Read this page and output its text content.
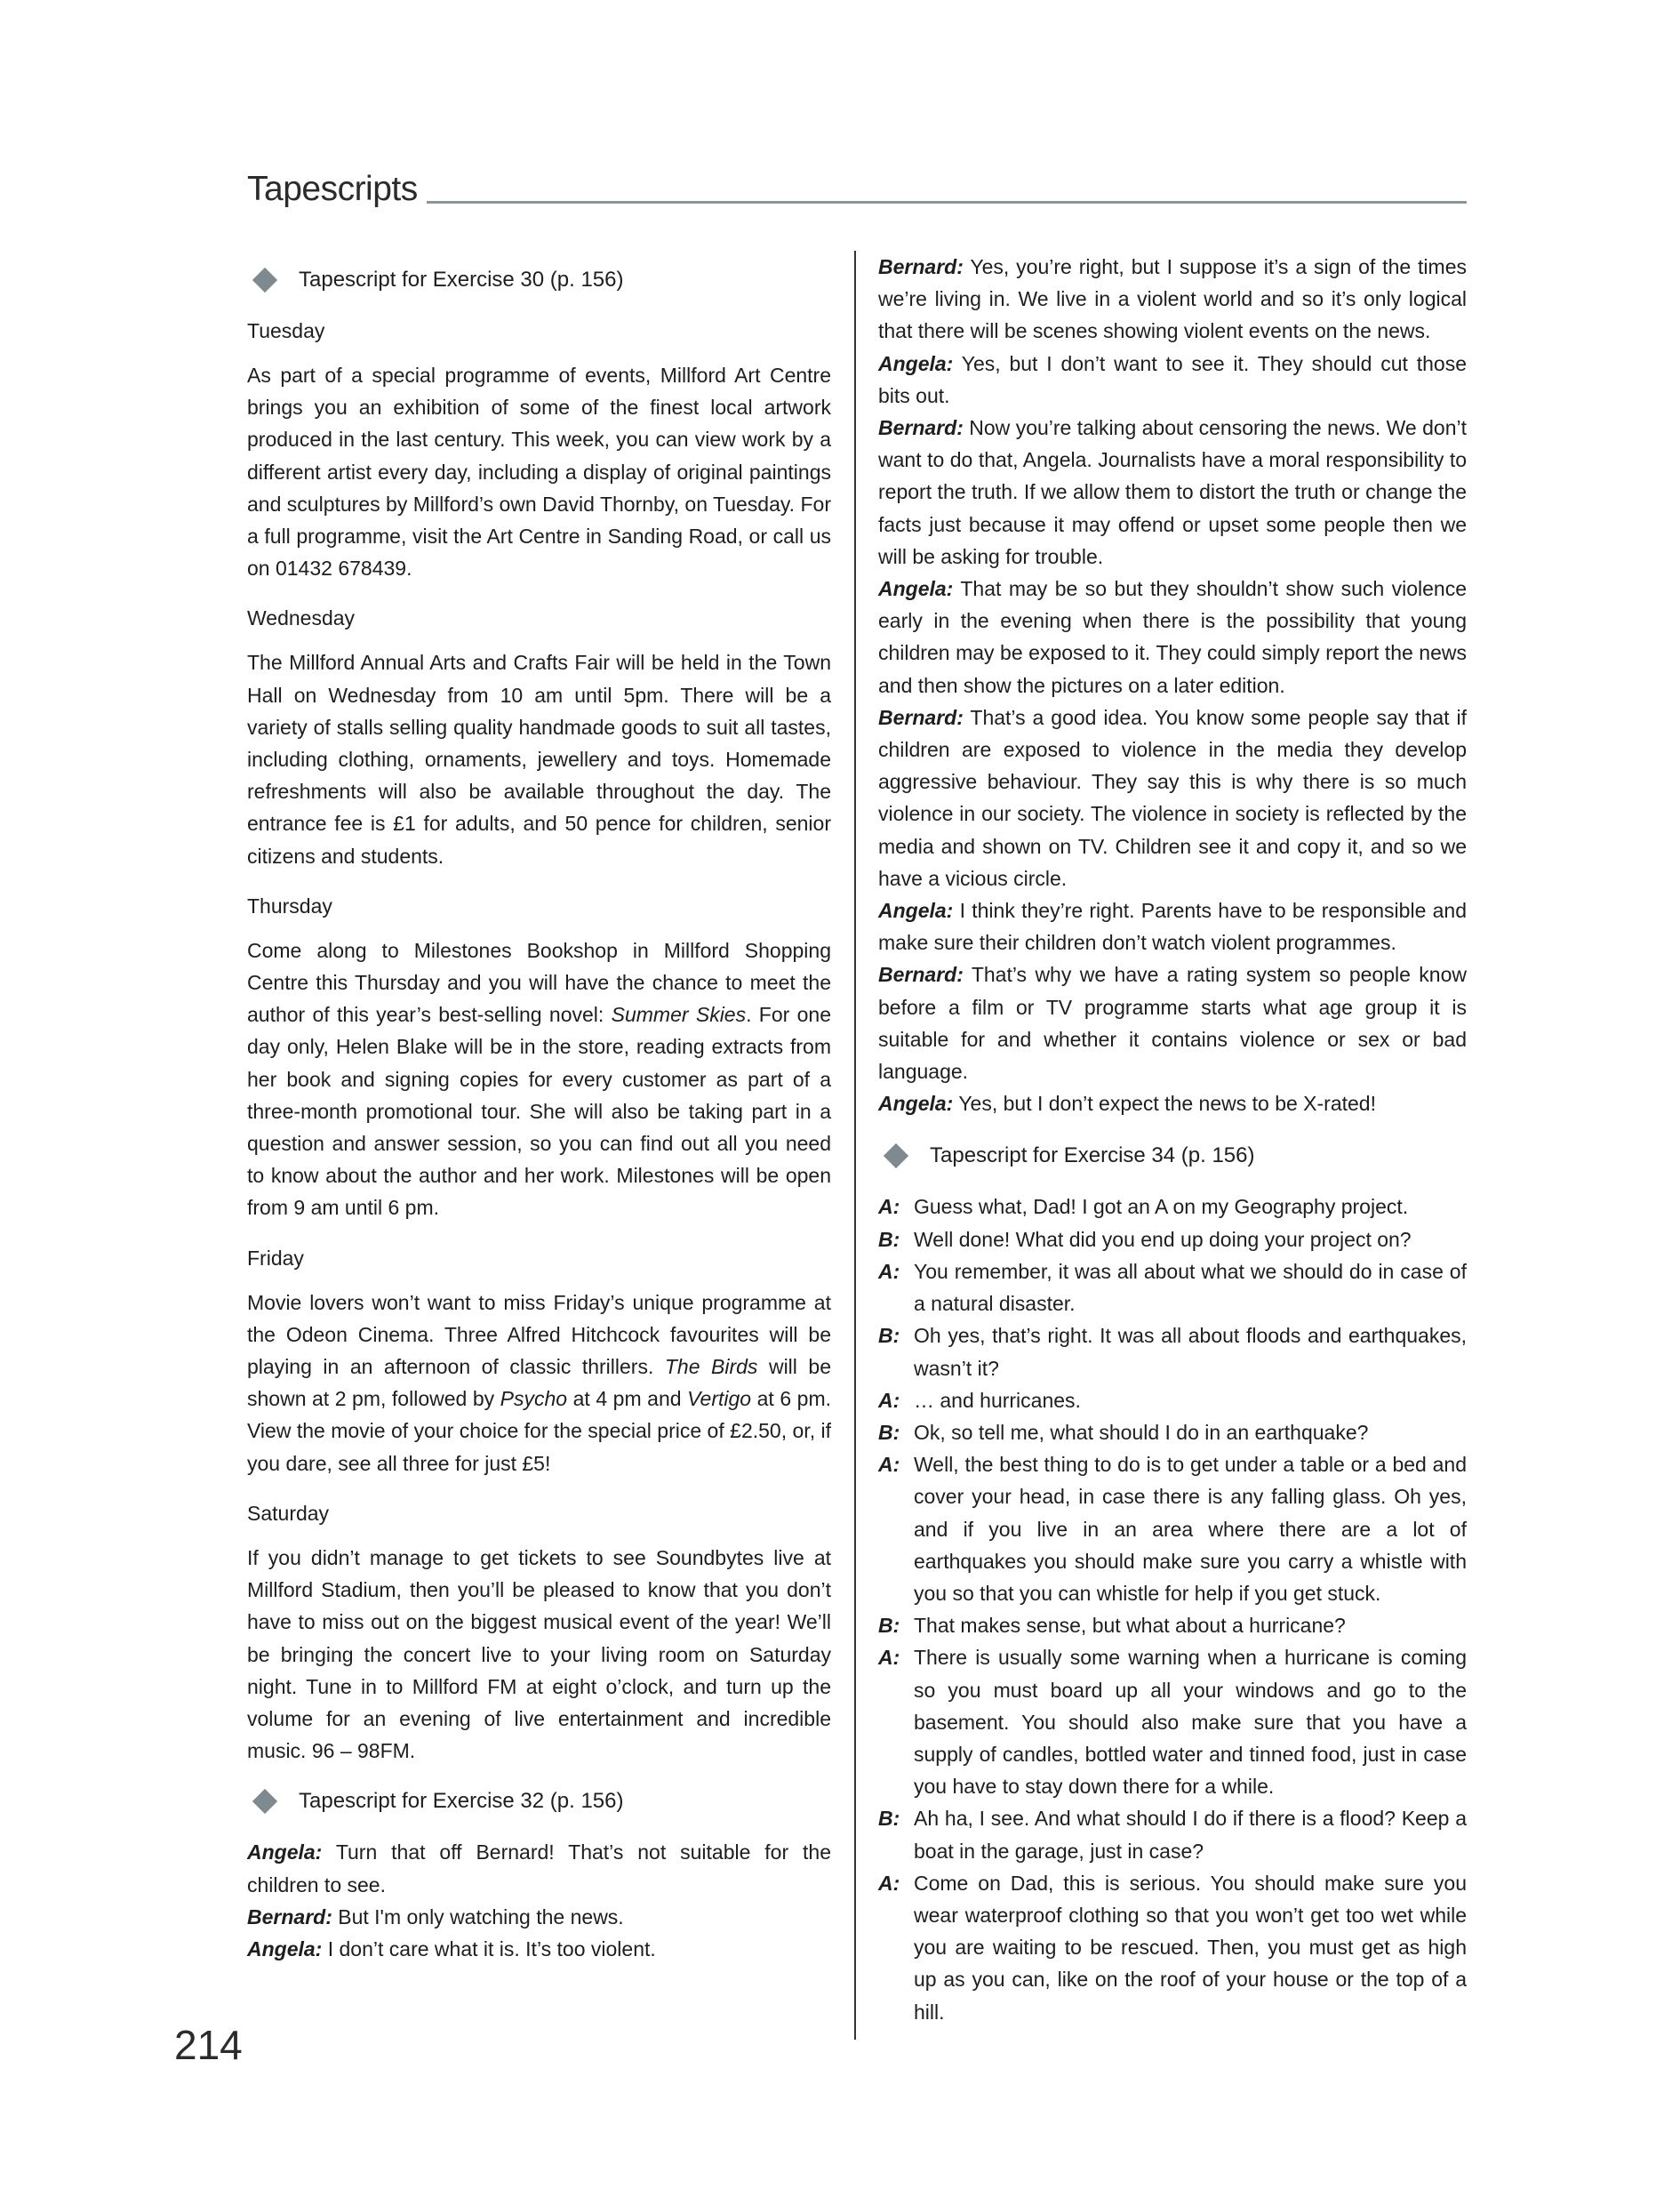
Tapescripts
Tapescript for Exercise 30 (p. 156)
Tuesday

As part of a special programme of events, Millford Art Centre brings you an exhibition of some of the finest local artwork produced in the last century. This week, you can view work by a different artist every day, including a display of original paintings and sculptures by Millford’s own David Thornby, on Tuesday. For a full programme, visit the Art Centre in Sanding Road, or call us on 01432 678439.

Wednesday

The Millford Annual Arts and Crafts Fair will be held in the Town Hall on Wednesday from 10 am until 5pm. There will be a variety of stalls selling quality handmade goods to suit all tastes, including clothing, ornaments, jewellery and toys. Homemade refreshments will also be available throughout the day. The entrance fee is £1 for adults, and 50 pence for children, senior citizens and students.

Thursday

Come along to Milestones Bookshop in Millford Shopping Centre this Thursday and you will have the chance to meet the author of this year’s best-selling novel: Summer Skies. For one day only, Helen Blake will be in the store, reading extracts from her book and signing copies for every customer as part of a three-month promotional tour. She will also be taking part in a question and answer session, so you can find out all you need to know about the author and her work. Milestones will be open from 9 am until 6 pm.

Friday

Movie lovers won’t want to miss Friday’s unique programme at the Odeon Cinema. Three Alfred Hitchcock favourites will be playing in an afternoon of classic thrillers. The Birds will be shown at 2 pm, followed by Psycho at 4 pm and Vertigo at 6 pm. View the movie of your choice for the special price of £2.50, or, if you dare, see all three for just £5!

Saturday

If you didn’t manage to get tickets to see Soundbytes live at Millford Stadium, then you’ll be pleased to know that you don’t have to miss out on the biggest musical event of the year! We’ll be bringing the concert live to your living room on Saturday night. Tune in to Millford FM at eight o’clock, and turn up the volume for an evening of live entertainment and incredible music. 96 – 98FM.

Tapescript for Exercise 32 (p. 156)

Angela: Turn that off Bernard! That’s not suitable for the children to see.

Bernard: But I'm only watching the news.

Angela: I don’t care what it is. It’s too violent.

Bernard: Yes, you’re right, but I suppose it’s a sign of the times we’re living in. We live in a violent world and so it’s only logical that there will be scenes showing violent events on the news.

Angela: Yes, but I don’t want to see it. They should cut those bits out.

Bernard: Now you’re talking about censoring the news. We don’t want to do that, Angela. Journalists have a moral responsibility to report the truth. If we allow them to distort the truth or change the facts just because it may offend or upset some people then we will be asking for trouble.

Angela: That may be so but they shouldn’t show such violence early in the evening when there is the possibility that young children may be exposed to it. They could simply report the news and then show the pictures on a later edition.

Bernard: That’s a good idea. You know some people say that if children are exposed to violence in the media they develop aggressive behaviour. They say this is why there is so much violence in our society. The violence in society is reflected by the media and shown on TV. Children see it and copy it, and so we have a vicious circle.

Angela: I think they’re right. Parents have to be responsible and make sure their children don’t watch violent programmes.

Bernard: That’s why we have a rating system so people know before a film or TV programme starts what age group it is suitable for and whether it contains violence or sex or bad language.

Angela: Yes, but I don’t expect the news to be X-rated!

Tapescript for Exercise 34 (p. 156)
A: Guess what, Dad! I got an A on my Geography project.
B: Well done! What did you end up doing your project on?
A: You remember, it was all about what we should do in case of a natural disaster.
B: Oh yes, that’s right. It was all about floods and earthquakes, wasn’t it?
A: … and hurricanes.
B: Ok, so tell me, what should I do in an earthquake?
A: Well, the best thing to do is to get under a table or a bed and cover your head, in case there is any falling glass. Oh yes, and if you live in an area where there are a lot of earthquakes you should make sure you carry a whistle with you so that you can whistle for help if you get stuck.
B: That makes sense, but what about a hurricane?
A: There is usually some warning when a hurricane is coming so you must board up all your windows and go to the basement. You should also make sure that you have a supply of candles, bottled water and tinned food, just in case you have to stay down there for a while.
B: Ah ha, I see. And what should I do if there is a flood? Keep a boat in the garage, just in case?
A: Come on Dad, this is serious. You should make sure you wear waterproof clothing so that you won’t get too wet while you are waiting to be rescued. Then, you must get as high up as you can, like on the roof of your house or the top of a hill.
214
